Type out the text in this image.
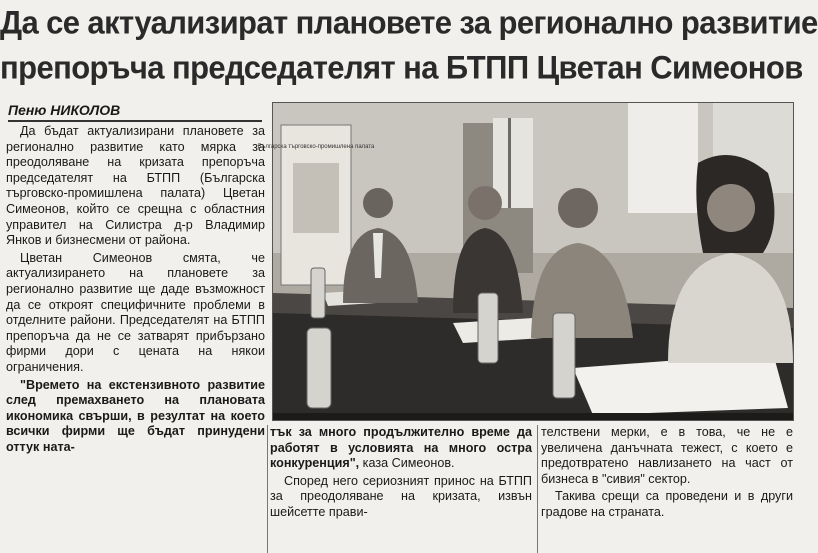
Да се актуализират плановете за регионално развитие
препоръча председателят на БТПП Цветан Симеонов
Пеню НИКОЛОВ

Да бъдат актуализирани плановете за регионално развитие като мярка за преодоляване на кризата препоръча председателят на БТПП (Българска търговско-промишлена палата) Цветан Симеонов, който се срещна с областния управител на Силистра д-р Владимир Янков и бизнесмени от района.

Цветан Симеонов смята, че актуализирането на плановете за регионално развитие ще даде възможност да се открoят специфичните проблеми в отделните райони. Председателят на БТПП препоръча да не се затварят прибързано фирми дори с цената на някои ограничения.

"Времето на екстензивното развитие след премахването на плановата икономика свърши, в резултат на което всички фирми ще бъдат принудени оттук ната-

Българска търговско-промишлена палата

тък за много продължително време да работят в условията на много остра конкуренция", каза Симеонов.

Според него сериозният принос на БТПП за преодоляване на кризата, извън шейсетте прави-

телствени мерки, е в това, че не е увеличена данъчната тежест, с което е предотвратено навлизането на част от бизнеса в "сивия" сектор.

Такива срещи са проведени и в други градове на страната.
